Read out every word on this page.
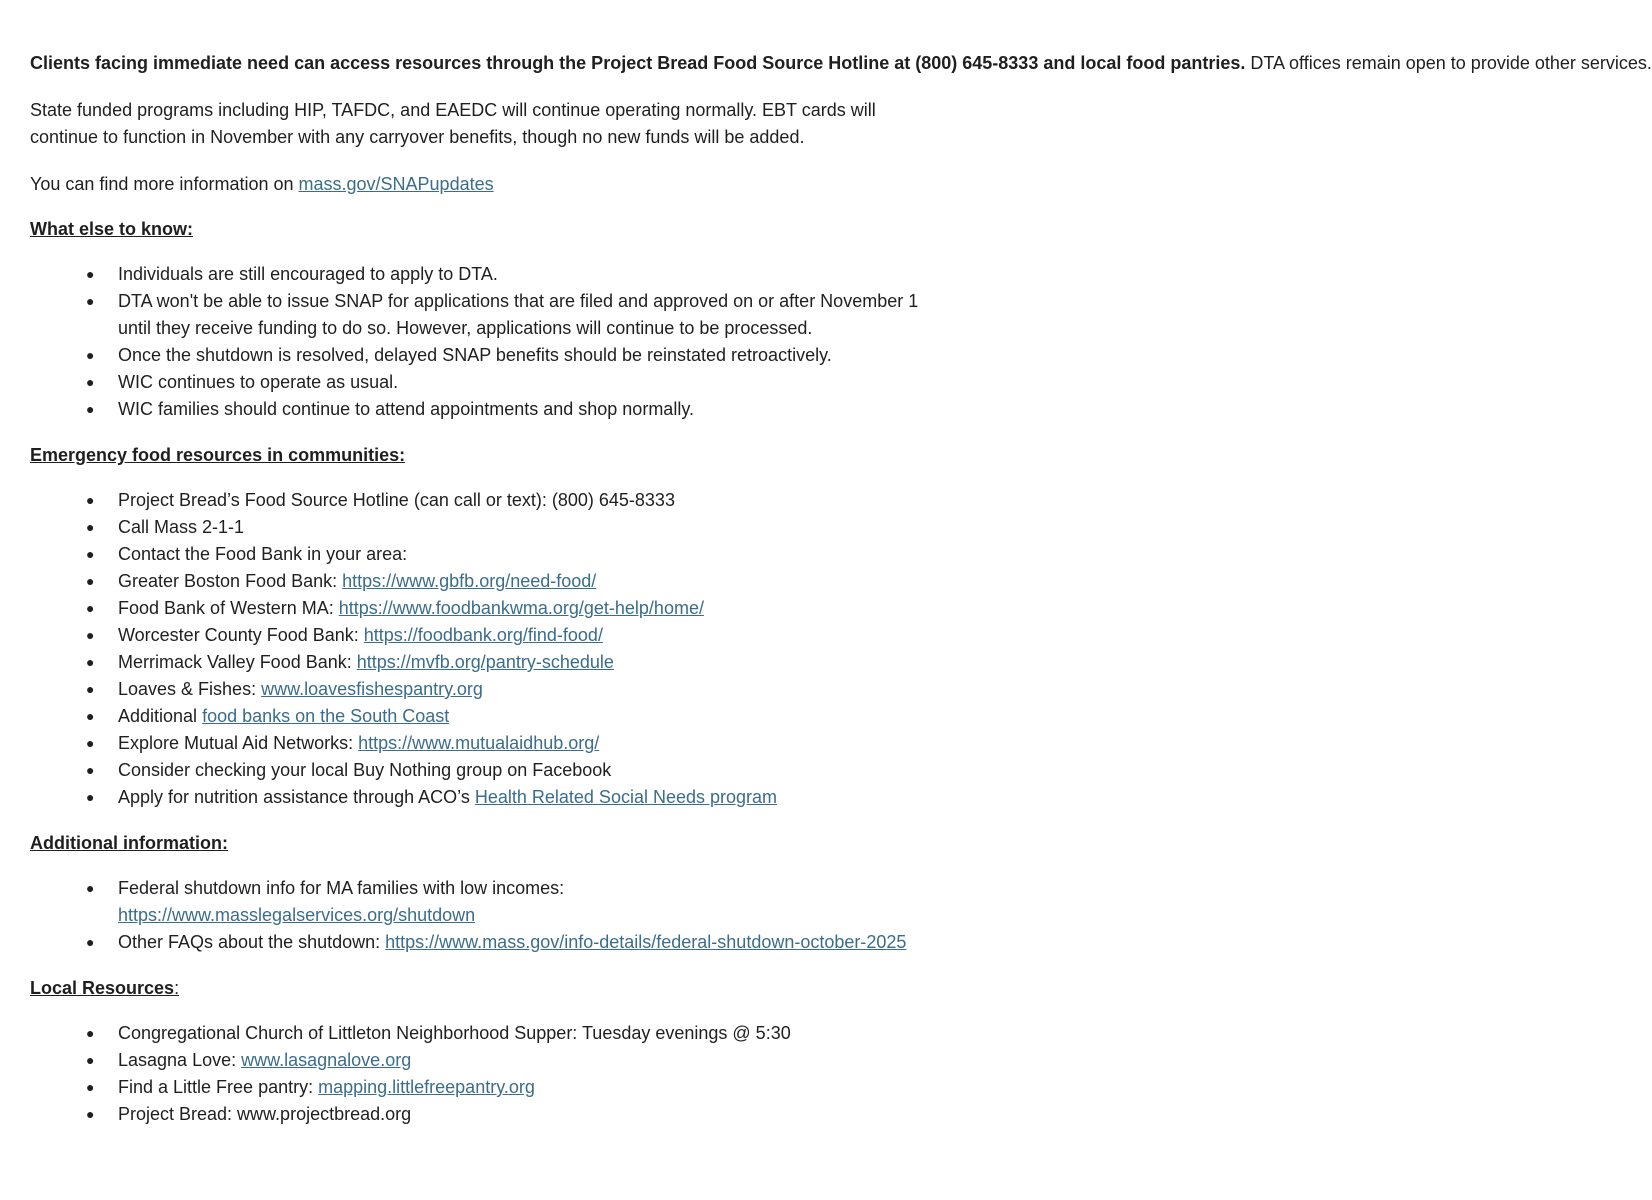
Clients facing immediate need can access resources through the Project Bread Food Source Hotline at (800) 645-8333 and local food pantries. DTA offices remain open to provide other services.

State funded programs including HIP, TAFDC, and EAEDC will continue operating normally. EBT cards will
continue to function in November with any carryover benefits, though no new funds will be added.

You can find more information on mass.gov/SNAPupdates

What else to know:
● Individuals are still encouraged to apply to DTA.
● DTA won't be able to issue SNAP for applications that are filed and approved on or after November 1
until they receive funding to do so. However, applications will continue to be processed.
● Once the shutdown is resolved, delayed SNAP benefits should be reinstated retroactively.
● WIC continues to operate as usual.
● WIC families should continue to attend appointments and shop normally.
Emergency food resources in communities:
● Project Bread’s Food Source Hotline (can call or text): (800) 645-8333
● Call Mass 2-1-1
● Contact the Food Bank in your area:
● Greater Boston Food Bank: https://www.gbfb.org/need-food/
● Food Bank of Western MA: https://www.foodbankwma.org/get-help/home/
● Worcester County Food Bank: https://foodbank.org/find-food/
● Merrimack Valley Food Bank: https://mvfb.org/pantry-schedule
● Loaves & Fishes: www.loavesfishespantry.org
● Additional food banks on the South Coast
● Explore Mutual Aid Networks: https://www.mutualaidhub.org/
● Consider checking your local Buy Nothing group on Facebook
● Apply for nutrition assistance through ACO’s Health Related Social Needs program
Additional information:
● Federal shutdown info for MA families with low incomes:
https://www.masslegalservices.org/shutdown
● Other FAQs about the shutdown: https://www.mass.gov/info-details/federal-shutdown-october-2025
Local Resources:
● Congregational Church of Littleton Neighborhood Supper: Tuesday evenings @ 5:30
● Lasagna Love: www.lasagnalove.org
● Find a Little Free pantry: mapping.littlefreepantry.org
● Project Bread: www.projectbread.org
